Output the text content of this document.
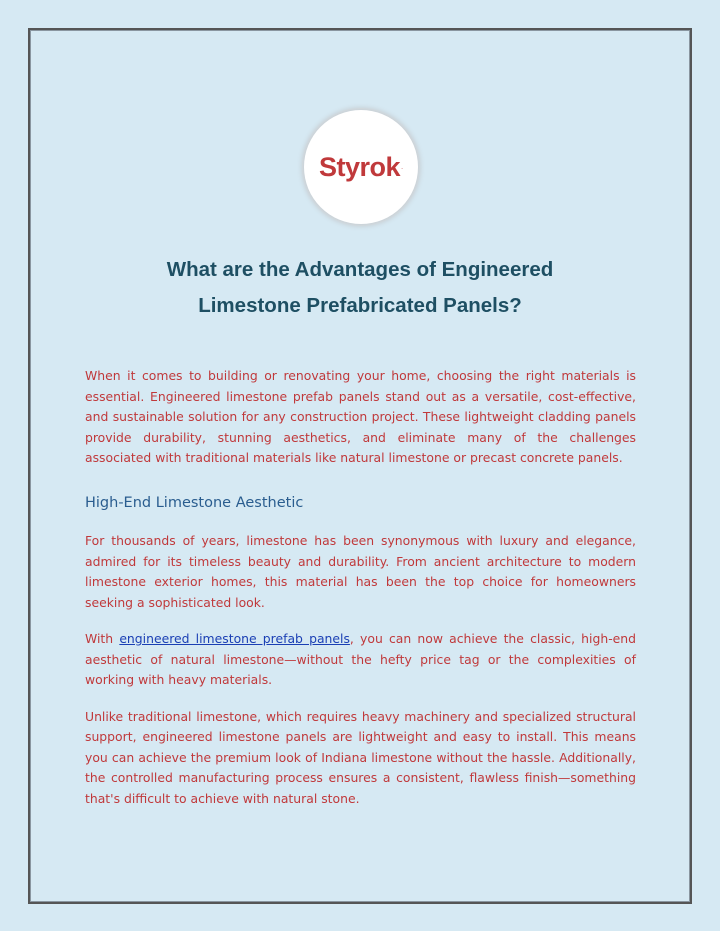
Styrok .
What are the Advantages of Engineered
Limestone Prefabricated Panels?

When it comes to building or renovating your home, choosing the right materials is essential. Engineered limestone prefab panels stand out as a versatile, cost-effective, and sustainable solution for any construction project. These lightweight cladding panels provide durability, stunning aesthetics, and eliminate many of the challenges associated with traditional materials like natural limestone or precast concrete panels.

High-End Limestone Aesthetic

For thousands of years, limestone has been synonymous with luxury and elegance, admired for its timeless beauty and durability. From ancient architecture to modern limestone exterior homes, this material has been the top choice for homeowners seeking a sophisticated look.

With engineered limestone prefab panels, you can now achieve the classic, high-end aesthetic of natural limestone—without the hefty price tag or the complexities of working with heavy materials.

Unlike traditional limestone, which requires heavy machinery and specialized structural support, engineered limestone panels are lightweight and easy to install. This means you can achieve the premium look of Indiana limestone without the hassle. Additionally, the controlled manufacturing process ensures a consistent, flawless finish—something that's difficult to achieve with natural stone.
